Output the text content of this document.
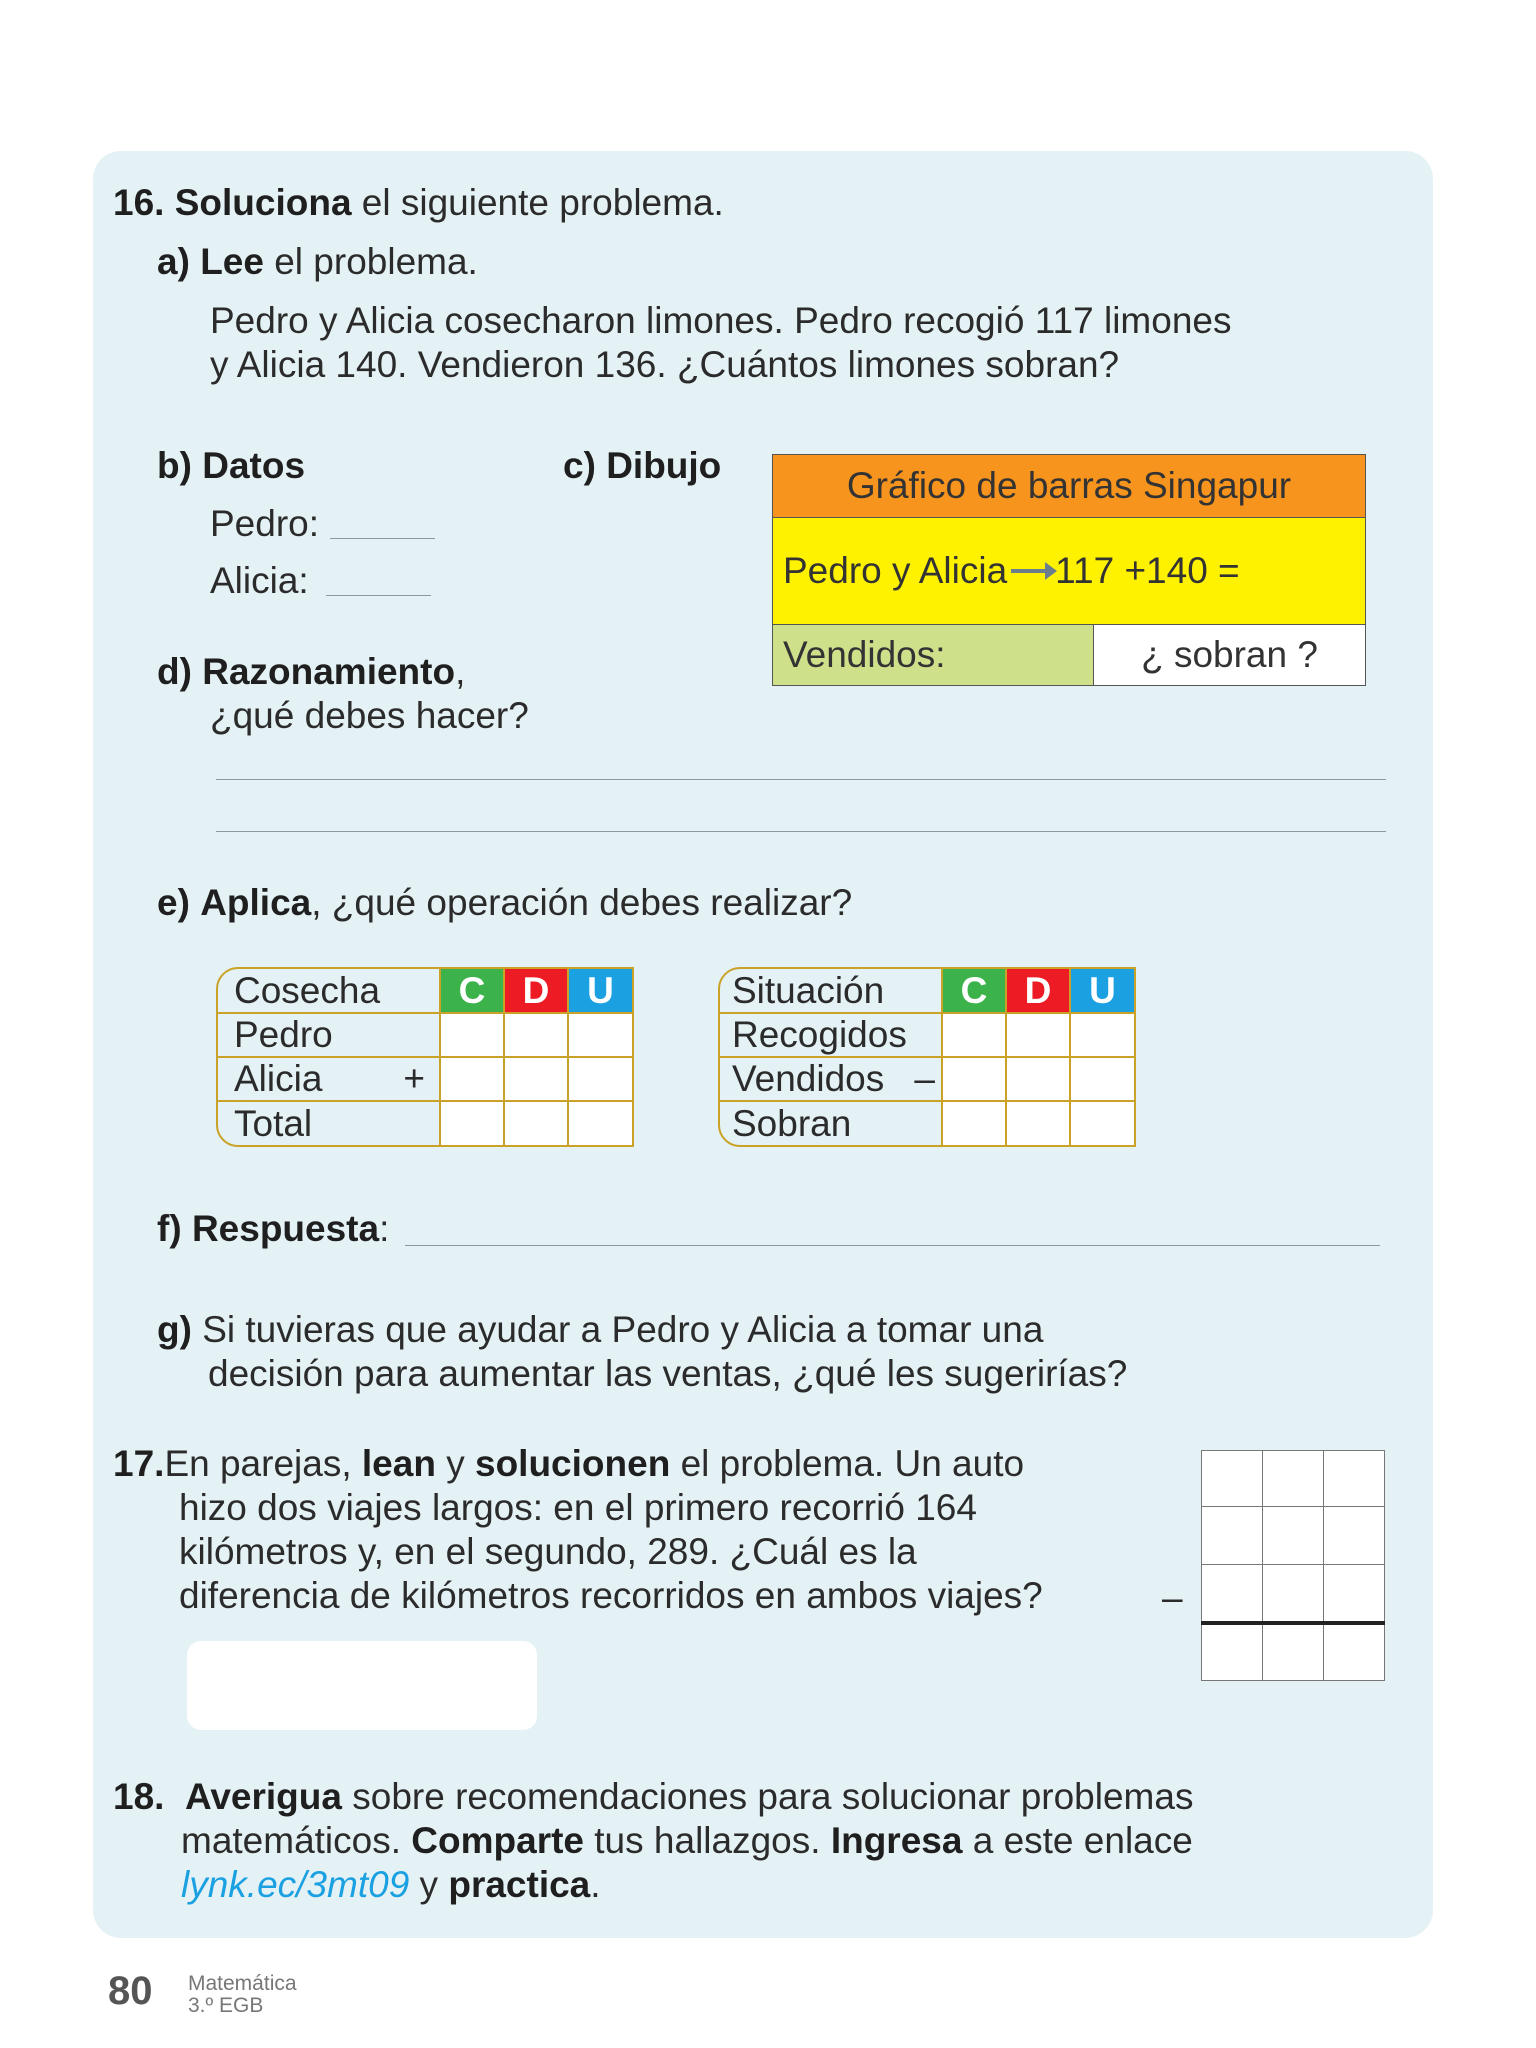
16. Soluciona el siguiente problema.
a) Lee el problema.
Pedro y Alicia cosecharon limones. Pedro recogió 117 limones
y Alicia 140. Vendieron 136. ¿Cuántos limones sobran?
b) Datos
Pedro:
Alicia:
c) Dibujo	Gráfico de barras Singapur
Pedro y Alicia 117 +140 =
Vendidos:	¿ sobran ?
d) Razonamiento,
¿qué debes hacer?
e) Aplica, ¿qué operación debes realizar?
Cosecha	C	D	U
Pedro			
Alicia +			

Total			
Situación	C	D	U
Recogidos			
Vendidos –			

Sobran			
f) Respuesta:
g) Si tuvieras que ayudar a Pedro y Alicia a tomar una
decisión para aumentar las ventas, ¿qué les sugerirías?
17.En parejas, lean y solucionen el problema. Un auto
hizo dos viajes largos: en el primero recorrió 164
kilómetros y, en el segundo, 289. ¿Cuál es la
diferencia de kilómetros recorridos en ambos viajes?	–
C	D	U

18. Averigua sobre recomendaciones para solucionar problemas
matemáticos. Comparte tus hallazgos. Ingresa a este enlace
lynk.ec/3mt09 y practica.
80 Matemática
3.º EGB
